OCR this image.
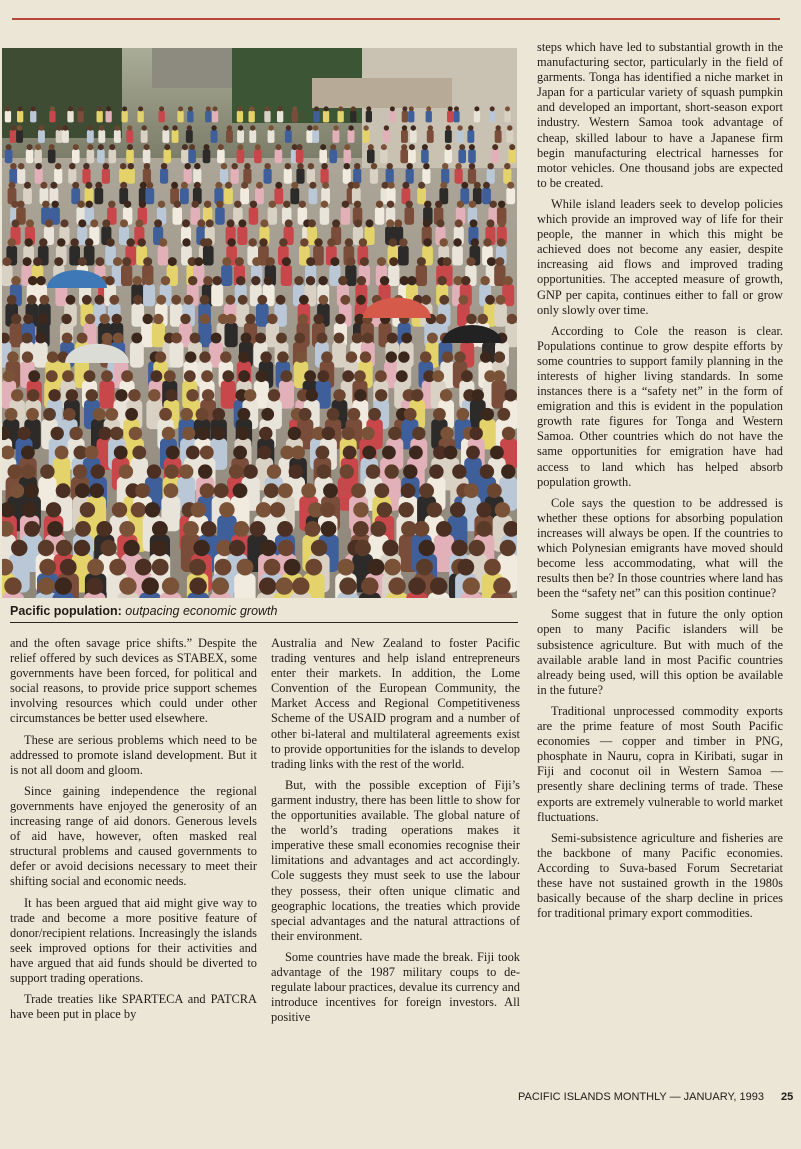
Pacific population: outpacing economic growth

and the often savage price shifts.” Despite the relief offered by such devices as STABEX, some governments have been forced, for political and social reasons, to provide price support schemes involving resources which could under other circumstances be better used elsewhere.

These are serious problems which need to be addressed to promote island development. But it is not all doom and gloom.

Since gaining independence the regional governments have enjoyed the generosity of an increasing range of aid donors. Generous levels of aid have, however, often masked real structural problems and caused governments to defer or avoid decisions necessary to meet their shifting social and economic needs.

It has been argued that aid might give way to trade and become a more positive feature of donor/recipient relations. Increasingly the islands seek improved options for their activities and have argued that aid funds should be diverted to support trading operations.

Trade treaties like SPARTECA and PATCRA have been put in place by

Australia and New Zealand to foster Pacific trading ventures and help island entrepreneurs enter their markets. In addition, the Lome Convention of the European Community, the Market Access and Regional Competitiveness Scheme of the USAID program and a number of other bi-lateral and multilateral agreements exist to provide opportunities for the islands to develop trading links with the rest of the world.

But, with the possible exception of Fiji’s garment industry, there has been little to show for the opportunities available. The global nature of the world’s trading operations makes it imperative these small economies recognise their limitations and advantages and act accordingly. Cole suggests they must seek to use the labour they possess, their often unique climatic and geographic locations, the treaties which provide special advantages and the natural attractions of their environment.

Some countries have made the break. Fiji took advantage of the 1987 military coups to de-regulate labour practices, devalue its currency and introduce incentives for foreign investors. All positive

steps which have led to substantial growth in the manufacturing sector, particularly in the field of garments. Tonga has identified a niche market in Japan for a particular variety of squash pumpkin and developed an important, short-season export industry. Western Samoa took advantage of cheap, skilled labour to have a Japanese firm begin manufacturing electrical harnesses for motor vehicles. One thousand jobs are expected to be created.

While island leaders seek to develop policies which provide an improved way of life for their people, the manner in which this might be achieved does not become any easier, despite increasing aid flows and improved trading opportunities. The accepted measure of growth, GNP per capita, continues either to fall or grow only slowly over time.

According to Cole the reason is clear. Populations continue to grow despite efforts by some countries to support family planning in the interests of higher living standards. In some instances there is a “safety net” in the form of emigration and this is evident in the population growth rate figures for Tonga and Western Samoa. Other countries which do not have the same opportunities for emigration have had access to land which has helped absorb population growth.

Cole says the question to be addressed is whether these options for absorbing population increases will always be open. If the countries to which Polynesian emigrants have moved should become less accommodating, what will the results then be? In those countries where land has been the “safety net” can this position continue?

Some suggest that in future the only option open to many Pacific islanders will be subsistence agriculture. But with much of the available arable land in most Pacific countries already being used, will this option be available in the future?

Traditional unprocessed commodity exports are the prime feature of most South Pacific economies — copper and timber in PNG, phosphate in Nauru, copra in Kiribati, sugar in Fiji and coconut oil in Western Samoa — presently share declining terms of trade. These exports are extremely vulnerable to world market fluctuations.

Semi-subsistence agriculture and fisheries are the backbone of many Pacific economies. According to Suva-based Forum Secretariat these have not sustained growth in the 1980s basically because of the sharp decline in prices for traditional primary export commodities.

PACIFIC ISLANDS MONTHLY — JANUARY, 1993 25
